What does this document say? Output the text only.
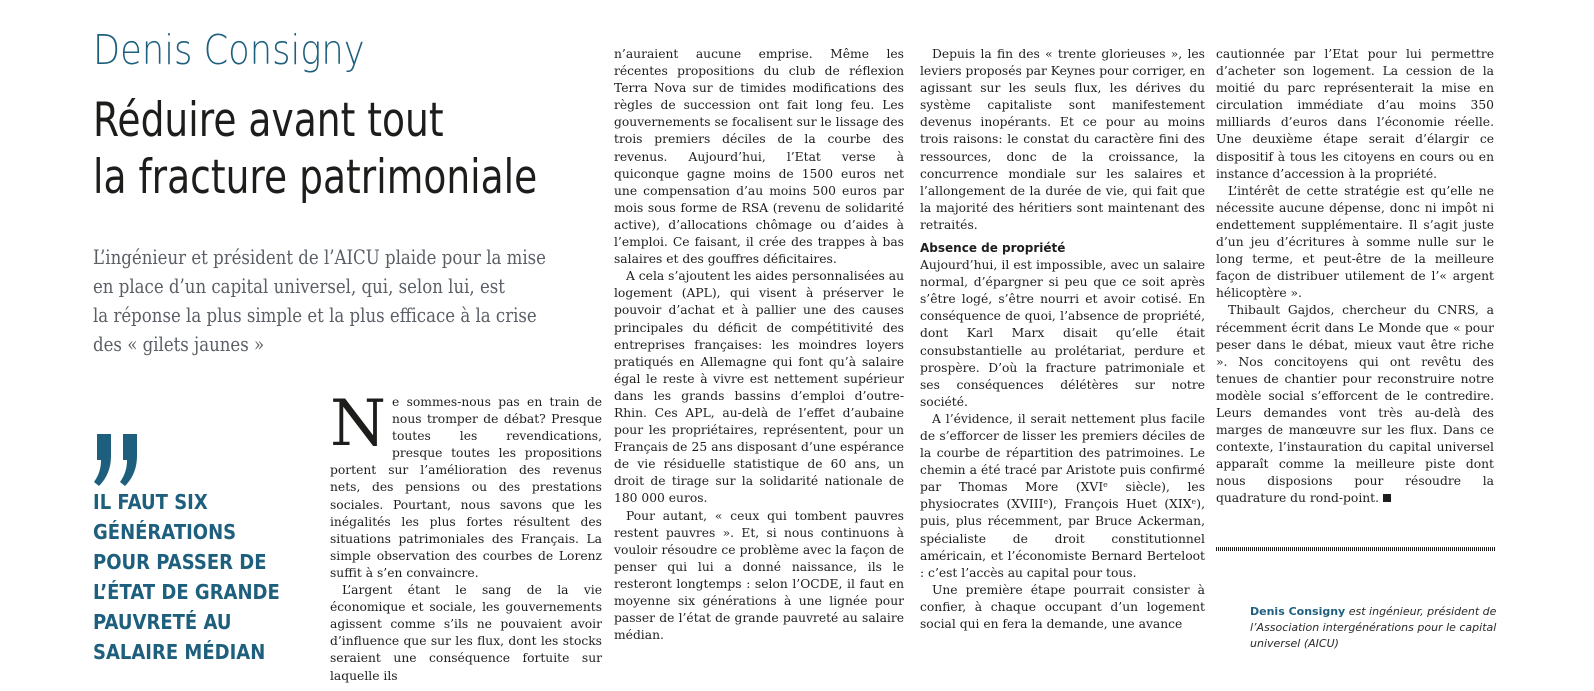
Denis Consigny
Réduire avant tout
la fracture patrimoniale
L’ingénieur et président de l’AICU plaide pour la mise
en place d’un capital universel, qui, selon lui, est
la réponse la plus simple et la plus efficace à la crise
des « gilets jaunes »
IL FAUT SIX
GÉNÉRATIONS
POUR PASSER DE
L’ÉTAT DE GRANDE
PAUVRETÉ AU
SALAIRE MÉDIAN

Ne sommes-nous pas en train de nous tromper de débat? Presque toutes les revendications, presque toutes les propositions portent sur l’amélioration des revenus nets, des pensions ou des prestations sociales. Pourtant, nous savons que les inégalités les plus fortes résultent des situations patrimoniales des Français. La simple observation des courbes de Lorenz suffit à s’en convaincre.

L’argent étant le sang de la vie économique et sociale, les gouvernements agissent comme s’ils ne pouvaient avoir d’influence que sur les flux, dont les stocks seraient une conséquence fortuite sur laquelle ils

n’auraient aucune emprise. Même les récentes propositions du club de réflexion Terra Nova sur de timides modifications des règles de succession ont fait long feu. Les gouvernements se focalisent sur le lissage des trois premiers déciles de la courbe des revenus. Aujourd’hui, l’Etat verse à quiconque gagne moins de 1500 euros net une compensation d’au moins 500 euros par mois sous forme de RSA (revenu de solidarité active), d’allocations chômage ou d’aides à l’emploi. Ce faisant, il crée des trappes à bas salaires et des gouffres déficitaires.

A cela s’ajoutent les aides personnalisées au logement (APL), qui visent à préserver le pouvoir d’achat et à pallier une des causes principales du déficit de compétitivité des entreprises françaises: les moindres loyers pratiqués en Allemagne qui font qu’à salaire égal le reste à vivre est nettement supérieur dans les grands bassins d’emploi d’outre-Rhin. Ces APL, au-delà de l’effet d’aubaine pour les propriétaires, représentent, pour un Français de 25 ans disposant d’une espérance de vie résiduelle statistique de 60 ans, un droit de tirage sur la solidarité nationale de 180 000 euros.

Pour autant, « ceux qui tombent pauvres restent pauvres ». Et, si nous continuons à vouloir résoudre ce problème avec la façon de penser qui lui a donné naissance, ils le resteront longtemps : selon l’OCDE, il faut en moyenne six générations à une lignée pour passer de l’état de grande pauvreté au salaire médian.

Depuis la fin des « trente glorieuses », les leviers proposés par Keynes pour corriger, en agissant sur les seuls flux, les dérives du système capitaliste sont manifestement devenus inopérants. Et ce pour au moins trois raisons: le constat du caractère fini des ressources, donc de la croissance, la concurrence mondiale sur les salaires et l’allongement de la durée de vie, qui fait que la majorité des héritiers sont maintenant des retraités.

Absence de propriété

Aujourd’hui, il est impossible, avec un salaire normal, d’épargner si peu que ce soit après s’être logé, s’être nourri et avoir cotisé. En conséquence de quoi, l’absence de propriété, dont Karl Marx disait qu’elle était consubstantielle au prolétariat, perdure et prospère. D’où la fracture patrimoniale et ses conséquences délétères sur notre société.

A l’évidence, il serait nettement plus facile de s’efforcer de lisser les premiers déciles de la courbe de répartition des patrimoines. Le chemin a été tracé par Aristote puis confirmé par Thomas More (XVIᵉ siècle), les physiocrates (XVIIIᵉ), François Huet (XIXᵉ), puis, plus récemment, par Bruce Ackerman, spécialiste de droit constitutionnel américain, et l’économiste Bernard Berteloot : c’est l’accès au capital pour tous.

Une première étape pourrait consister à confier, à chaque occupant d’un logement social qui en fera la demande, une avance

cautionnée par l’Etat pour lui permettre d’acheter son logement. La cession de la moitié du parc représenterait la mise en circulation immédiate d’au moins 350 milliards d’euros dans l’économie réelle. Une deuxième étape serait d’élargir ce dispositif à tous les citoyens en cours ou en instance d’accession à la propriété.

L’intérêt de cette stratégie est qu’elle ne nécessite aucune dépense, donc ni impôt ni endettement supplémentaire. Il s’agit juste d’un jeu d’écritures à somme nulle sur le long terme, et peut-être de la meilleure façon de distribuer utilement de l’« argent hélicoptère ».

Thibault Gajdos, chercheur du CNRS, a récemment écrit dans Le Monde que « pour peser dans le débat, mieux vaut être riche ». Nos concitoyens qui ont revêtu des tenues de chantier pour reconstruire notre modèle social s’efforcent de le contredire. Leurs demandes vont très au-delà des marges de manœuvre sur les flux. Dans ce contexte, l’instauration du capital universel apparaît comme la meilleure piste dont nous disposions pour résoudre la quadrature du rond-point.

Denis Consigny est ingénieur, président de l’Association intergénérations pour le capital universel (AICU)
